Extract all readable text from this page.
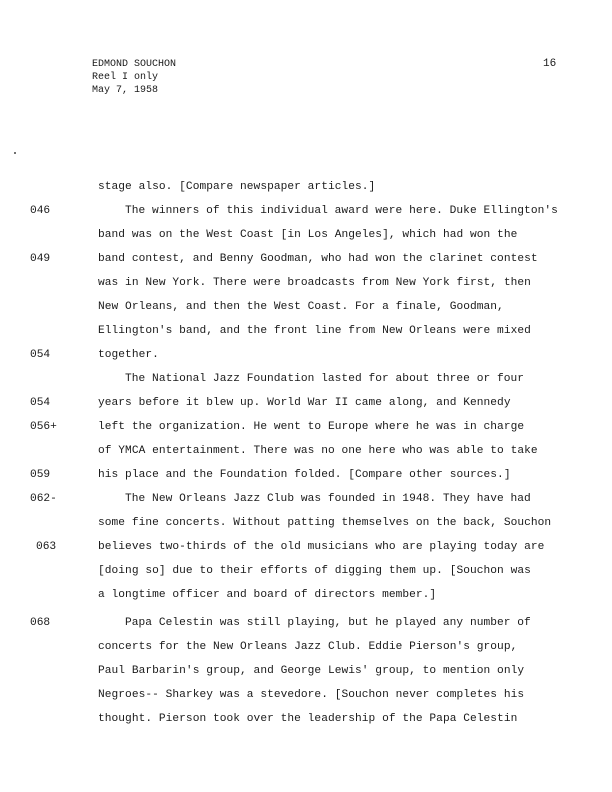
EDMOND SOUCHON
Reel I only
May 7, 1958
16
stage also. [Compare newspaper articles.]
The winners of this individual award were here. Duke Ellington's
band was on the West Coast [in Los Angeles], which had won the
band contest, and Benny Goodman, who had won the clarinet contest
was in New York. There were broadcasts from New York first, then
New Orleans, and then the West Coast. For a finale, Goodman,
Ellington's band, and the front line from New Orleans were mixed
together.
The National Jazz Foundation lasted for about three or four
years before it blew up. World War II came along, and Kennedy
left the organization. He went to Europe where he was in charge
of YMCA entertainment. There was no one here who was able to take
his place and the Foundation folded. [Compare other sources.]
The New Orleans Jazz Club was founded in 1948. They have had
some fine concerts. Without patting themselves on the back, Souchon
believes two-thirds of the old musicians who are playing today are
[doing so] due to their efforts of digging them up. [Souchon was
a longtime officer and board of directors member.]
Papa Celestin was still playing, but he played any number of
concerts for the New Orleans Jazz Club. Eddie Pierson's group,
Paul Barbarin's group, and George Lewis' group, to mention only
Negroes-- Sharkey was a stevedore. [Souchon never completes his
thought. Pierson took over the leadership of the Papa Celestin
046
049
054
054
056+
059
062-
063
068
